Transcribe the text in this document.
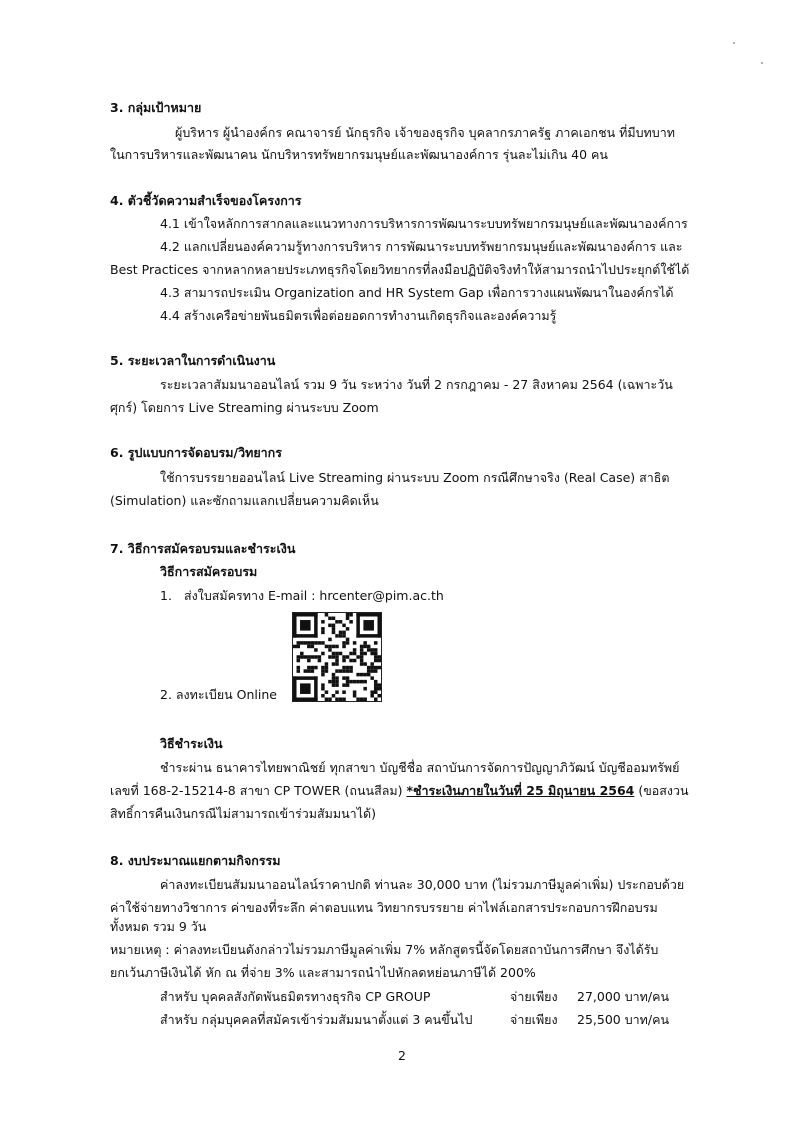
3. กลุ่มเป้าหมาย
ผู้บริหาร ผู้นำองค์กร คณาจารย์ นักธุรกิจ เจ้าของธุรกิจ บุคลากรภาครัฐ ภาคเอกชน ที่มีบทบาท
ในการบริหารและพัฒนาคน นักบริหารทรัพยากรมนุษย์และพัฒนาองค์การ รุ่นละไม่เกิน 40 คน
4. ตัวชี้วัดความสำเร็จของโครงการ
4.1 เข้าใจหลักการสากลและแนวทางการบริหารการพัฒนาระบบทรัพยากรมนุษย์และพัฒนาองค์การ
4.2 แลกเปลี่ยนองค์ความรู้ทางการบริหาร การพัฒนาระบบทรัพยากรมนุษย์และพัฒนาองค์การ และ
Best Practices จากหลากหลายประเภทธุรกิจโดยวิทยากรที่ลงมือปฏิบัติจริงทำให้สามารถนำไปประยุกต์ใช้ได้
4.3 สามารถประเมิน Organization and HR System Gap เพื่อการวางแผนพัฒนาในองค์กรได้
4.4 สร้างเครือข่ายพันธมิตรเพื่อต่อยอดการทำงานเกิดธุรกิจและองค์ความรู้
5. ระยะเวลาในการดำเนินงาน
ระยะเวลาสัมมนาออนไลน์ รวม 9 วัน ระหว่าง วันที่ 2 กรกฎาคม - 27 สิงหาคม 2564 (เฉพาะวัน
ศุกร์) โดยการ Live Streaming ผ่านระบบ Zoom
6. รูปแบบการจัดอบรม/วิทยากร
ใช้การบรรยายออนไลน์ Live Streaming ผ่านระบบ Zoom กรณีศึกษาจริง (Real Case) สาธิต
(Simulation) และซักถามแลกเปลี่ยนความคิดเห็น
7. วิธีการสมัครอบรมและชำระเงิน
วิธีการสมัครอบรม
1. ส่งใบสมัครทาง E-mail : hrcenter@pim.ac.th
2. ลงทะเบียน Online
วิธีชำระเงิน
ชำระผ่าน ธนาคารไทยพาณิชย์ ทุกสาขา บัญชีชื่อ สถาบันการจัดการปัญญาภิวัฒน์ บัญชีออมทรัพย์
เลขที่ 168-2-15214-8 สาขา CP TOWER (ถนนสีลม) *ชำระเงินภายในวันที่ 25 มิถุนายน 2564 (ขอสงวน
สิทธิ์การคืนเงินกรณีไม่สามารถเข้าร่วมสัมมนาได้)
8. งบประมาณแยกตามกิจกรรม
ค่าลงทะเบียนสัมมนาออนไลน์ราคาปกติ ท่านละ 30,000 บาท (ไม่รวมภาษีมูลค่าเพิ่ม) ประกอบด้วย
ค่าใช้จ่ายทางวิชาการ ค่าของที่ระลึก ค่าตอบแทน วิทยากรบรรยาย ค่าไฟล์เอกสารประกอบการฝึกอบรม
ทั้งหมด รวม 9 วัน
หมายเหตุ : ค่าลงทะเบียนดังกล่าวไม่รวมภาษีมูลค่าเพิ่ม 7% หลักสูตรนี้จัดโดยสถาบันการศึกษา จึงได้รับ
ยกเว้นภาษีเงินได้ หัก ณ ที่จ่าย 3% และสามารถนำไปหักลดหย่อนภาษีได้ 200%
สำหรับ บุคคลสังกัดพันธมิตรทางธุรกิจ CP GROUP	จ่ายเพียง 27,000 บาท/คน
สำหรับ กลุ่มบุคคลที่สมัครเข้าร่วมสัมมนาตั้งแต่ 3 คนขึ้นไป	จ่ายเพียง 25,500 บาท/คน
2
